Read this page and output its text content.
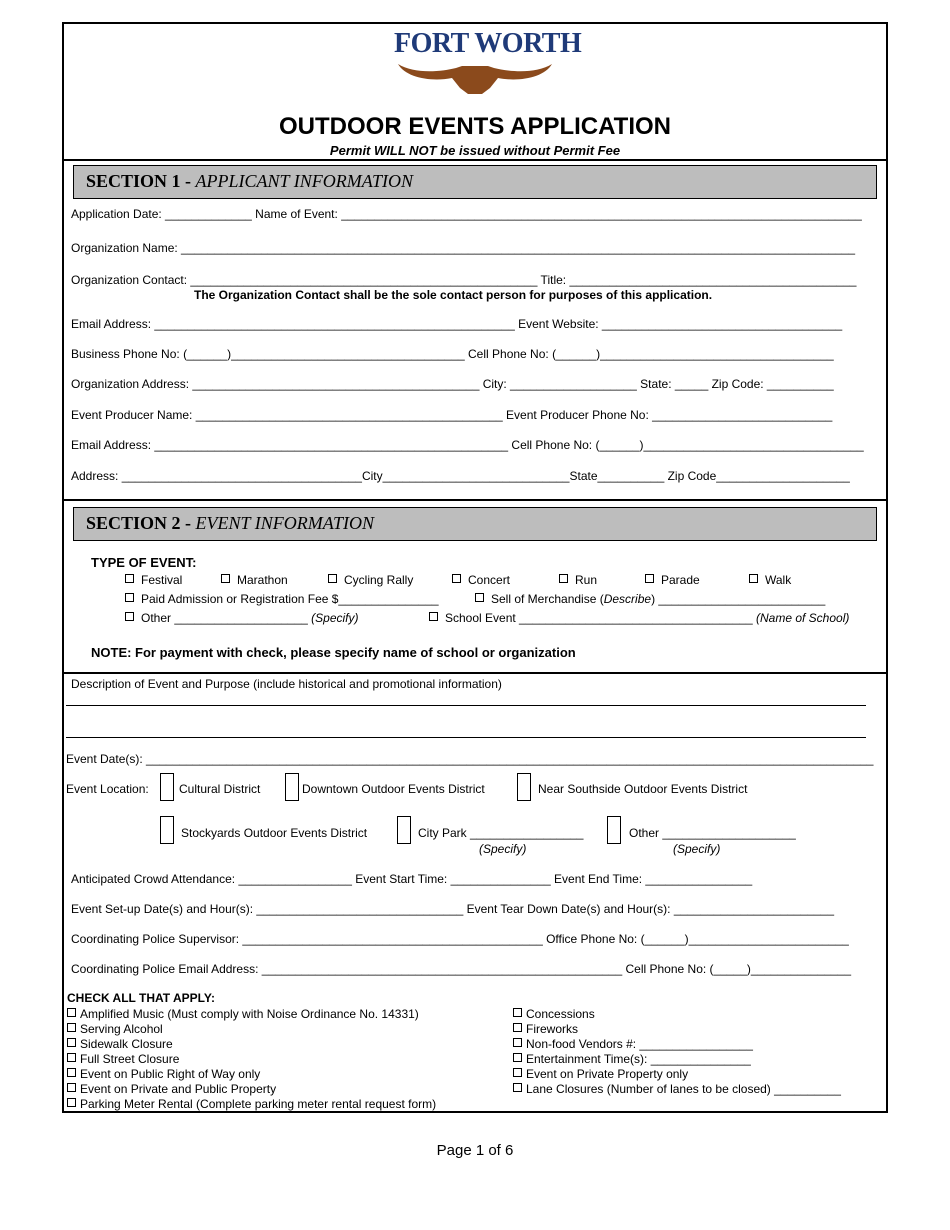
FORT WORTH
OUTDOOR EVENTS APPLICATION
Permit WILL NOT be issued without Permit Fee
SECTION 1 - APPLICANT INFORMATION
Application Date: _____________ Name of Event: ______________________________________________________________________________
Organization Name: _____________________________________________________________________________________________________
Organization Contact: ____________________________________________________ Title: ___________________________________________
The Organization Contact shall be the sole contact person for purposes of this application.
Email Address: ______________________________________________________ Event Website: ____________________________________
Business Phone No: (______)___________________________________ Cell Phone No: (______)___________________________________
Organization Address: ___________________________________________ City: ___________________ State: _____ Zip Code: __________
Event Producer Name: ______________________________________________ Event Producer Phone No: ___________________________
Email Address: _____________________________________________________ Cell Phone No: (______)_________________________________
Address: ____________________________________City____________________________State__________ Zip Code____________________
SECTION 2 - EVENT INFORMATION
TYPE OF EVENT:
Festival	Marathon	Cycling Rally	Concert	Run	Parade	Walk
Paid Admission or Registration Fee $_______________	Sell of Merchandise (Describe) _________________________
Other ____________________ (Specify)	School Event ___________________________________ (Name of School)
NOTE: For payment with check, please specify name of school or organization
Description of Event and Purpose (include historical and promotional information)
Event Date(s): _____________________________________________________________________________________________________________
Event Location:	Cultural District	Downtown Outdoor Events District	Near Southside Outdoor Events District
Stockyards Outdoor Events District	City Park _________________
(Specify)
Other ____________________
(Specify)
Anticipated Crowd Attendance: _________________ Event Start Time: _______________ Event End Time: ________________
Event Set-up Date(s) and Hour(s): _______________________________ Event Tear Down Date(s) and Hour(s): ________________________
Coordinating Police Supervisor: _____________________________________________ Office Phone No: (______)________________________
Coordinating Police Email Address: ______________________________________________________ Cell Phone No: (_____)_______________
CHECK ALL THAT APPLY:
Amplified Music (Must comply with Noise Ordinance No. 14331)
Serving Alcohol
Sidewalk Closure
Full Street Closure
Event on Public Right of Way only
Event on Private and Public Property
Parking Meter Rental (Complete parking meter rental request form)
Concessions
Fireworks
Non-food Vendors #: _________________
Entertainment Time(s): _______________
Event on Private Property only
Lane Closures (Number of lanes to be closed) __________
Page 1 of 6
